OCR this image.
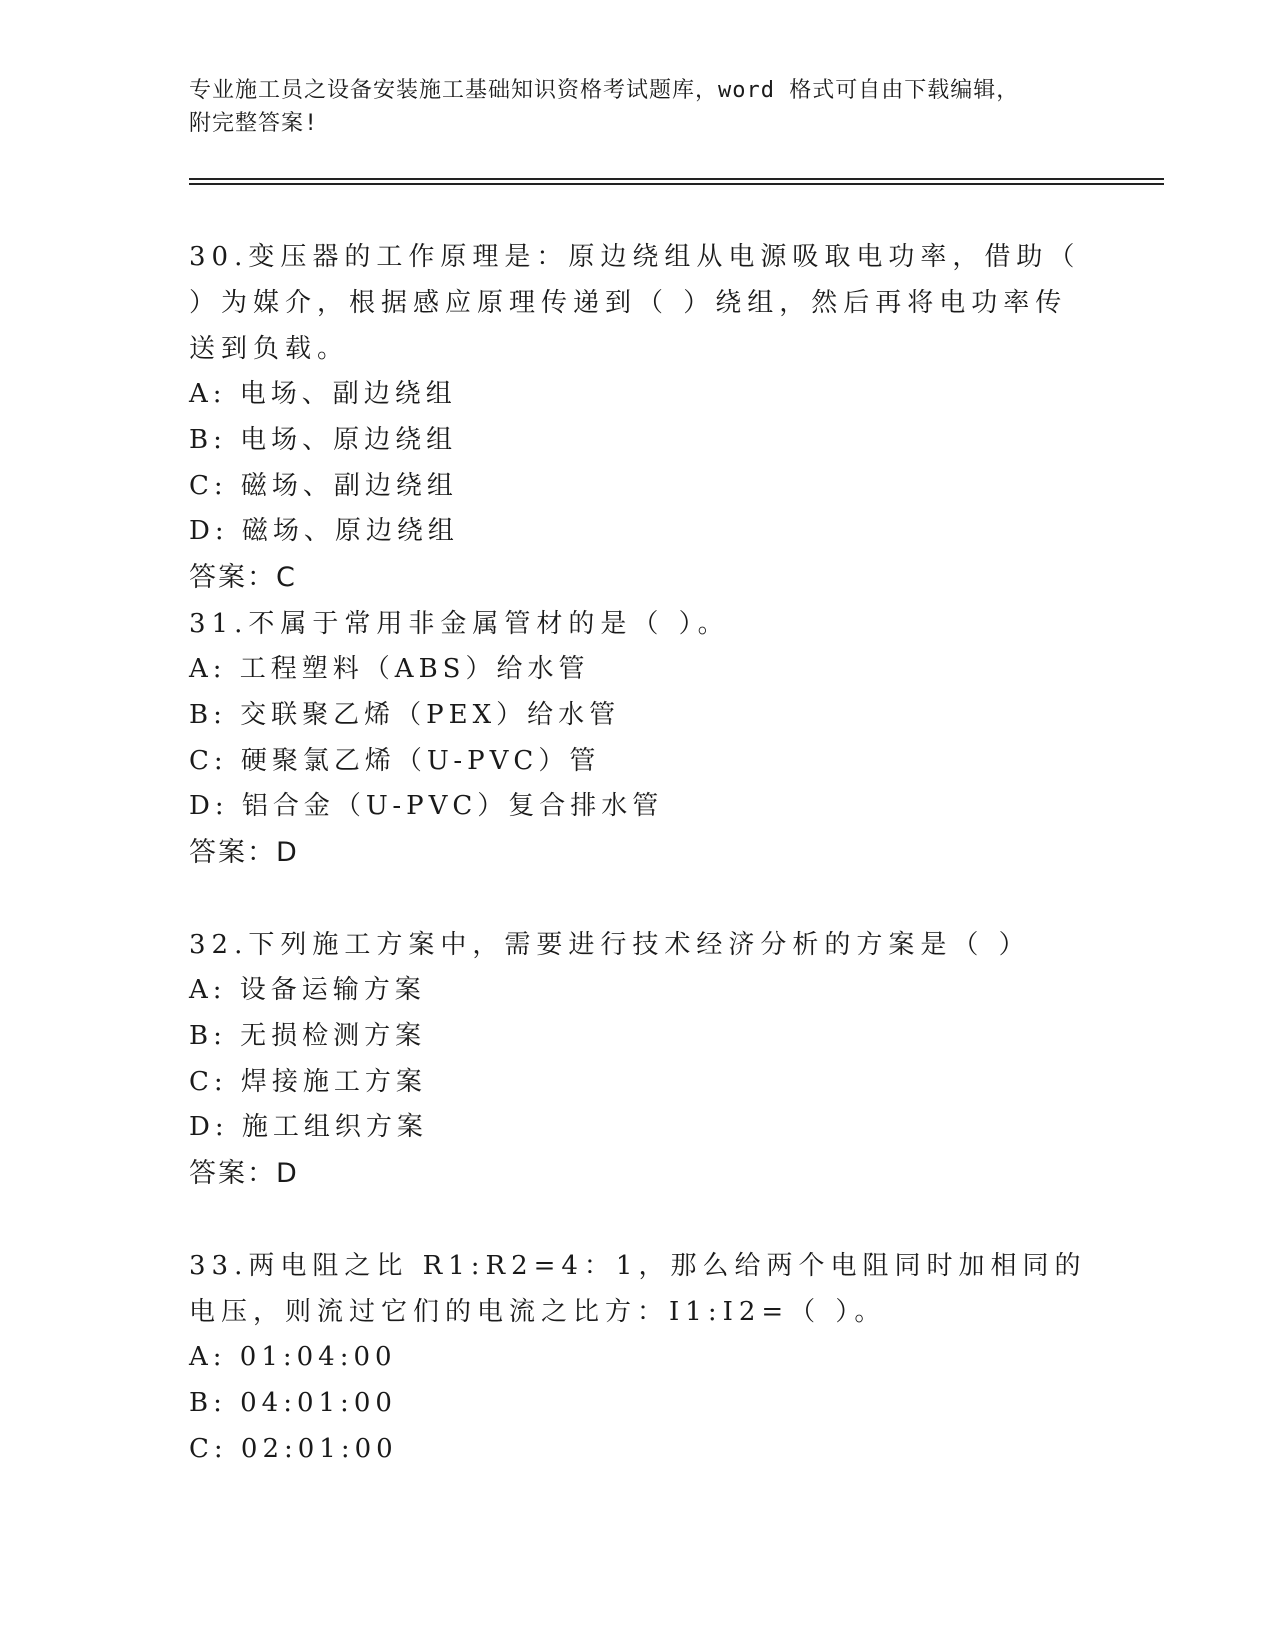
专业施工员之设备安装施工基础知识资格考试题库，word 格式可自由下载编辑，
附完整答案!
30.变压器的工作原理是：原边绕组从电源吸取电功率，借助（ ）为媒介，根据感应原理传递到（ ）绕组，然后再将电功率传送到负载。
A: 电场、副边绕组
B: 电场、原边绕组
C: 磁场、副边绕组
D: 磁场、原边绕组
答案：C
31.不属于常用非金属管材的是（ ）。
A: 工程塑料（ABS）给水管
B: 交联聚乙烯（PEX）给水管
C: 硬聚氯乙烯（U-PVC）管
D: 铝合金（U-PVC）复合排水管
答案：D
32.下列施工方案中，需要进行技术经济分析的方案是（ ）
A: 设备运输方案
B: 无损检测方案
C: 焊接施工方案
D: 施工组织方案
答案：D
33.两电阻之比 R1:R2=4：1，那么给两个电阻同时加相同的电压，则流过它们的电流之比方：I1:I2=（ ）。
A: 01:04:00
B: 04:01:00
C: 02:01:00
